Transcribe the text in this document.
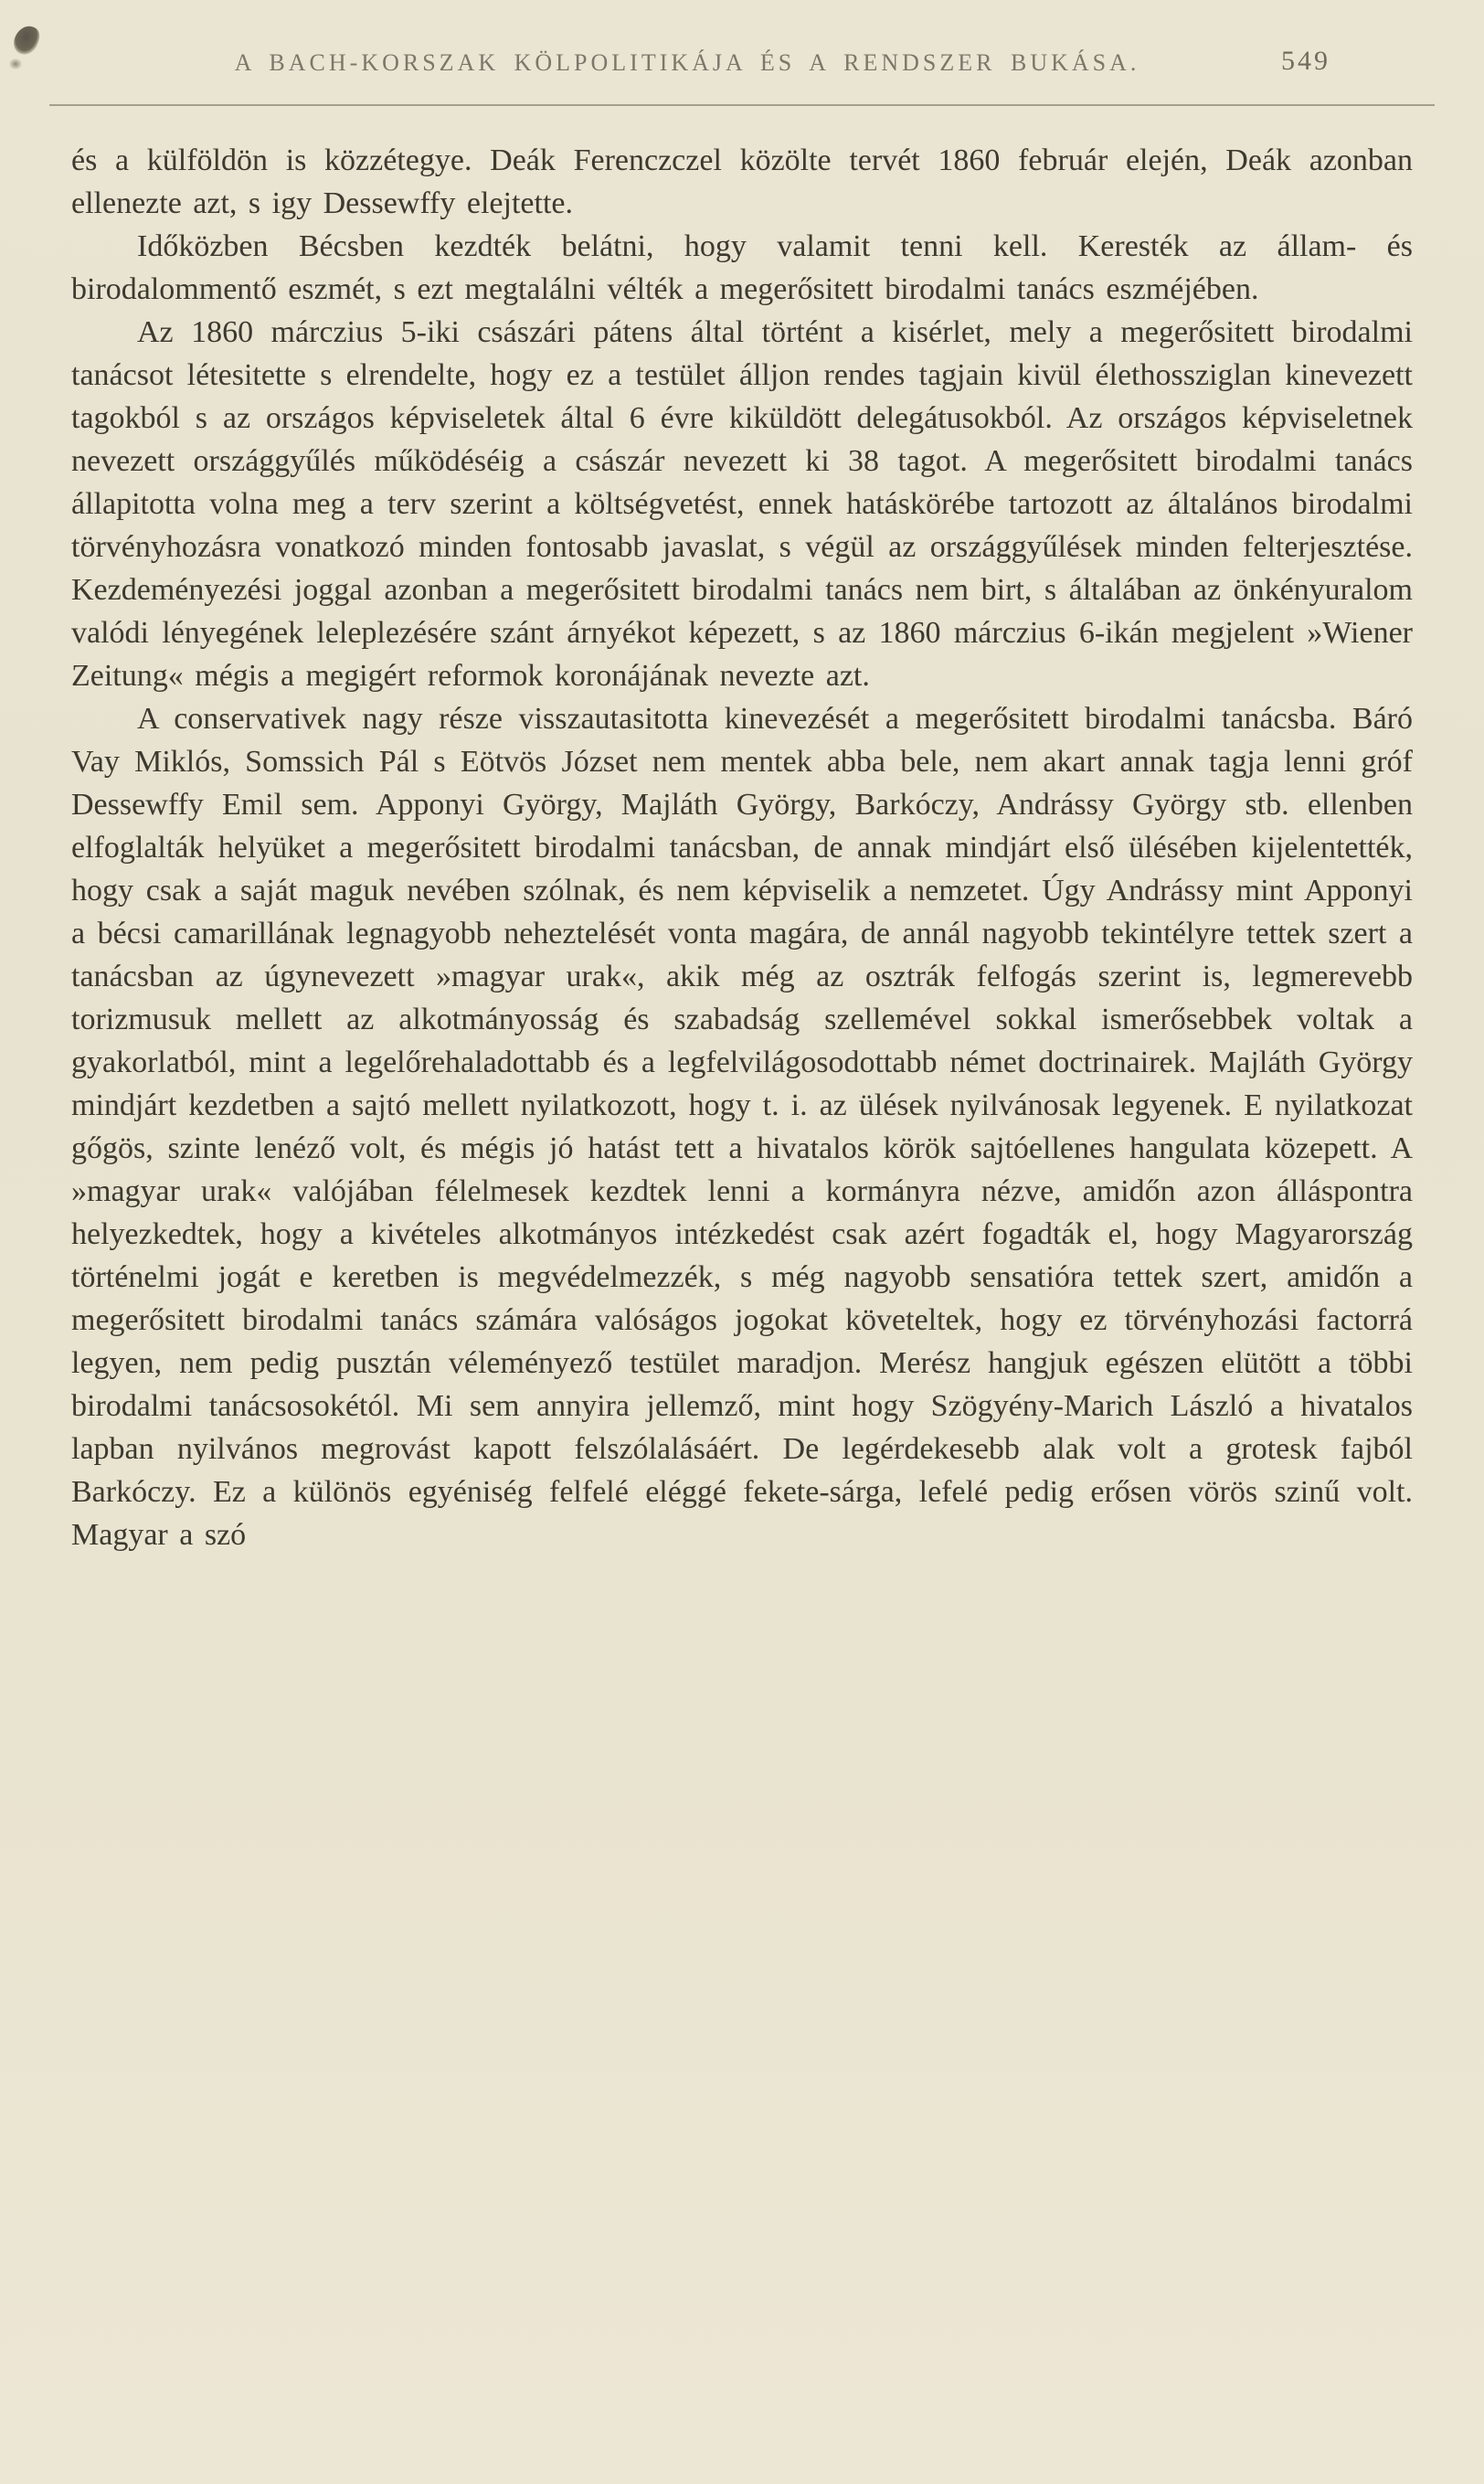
A BACH-KORSZAK KÖLPOLITIKÁJA ÉS A RENDSZER BUKÁSA.	549

és a külföldön is közzétegye. Deák Ferenczczel közölte tervét 1860 február elején, Deák azonban ellenezte azt, s igy Dessewffy elejtette.

Időközben Bécsben kezdték belátni, hogy valamit tenni kell. Keresték az állam- és birodalommentő eszmét, s ezt megtalálni vélték a megerősitett birodalmi tanács eszméjében.

Az 1860 márczius 5-iki császári pátens által történt a kisérlet, mely a megerősitett birodalmi tanácsot létesitette s elrendelte, hogy ez a testület álljon rendes tagjain kivül élethossziglan kinevezett tagokból s az országos képviseletek által 6 évre kiküldött delegátusokból. Az országos képviseletnek nevezett országgyűlés működéséig a császár nevezett ki 38 tagot. A megerősitett birodalmi tanács állapitotta volna meg a terv szerint a költségvetést, ennek hatáskörébe tartozott az általános birodalmi törvényhozásra vonatkozó minden fontosabb javaslat, s végül az országgyűlések minden felterjesztése. Kezdeményezési joggal azonban a megerősitett birodalmi tanács nem birt, s általában az önkényuralom valódi lényegének leleplezésére szánt árnyékot képezett, s az 1860 márczius 6-ikán megjelent »Wiener Zeitung« mégis a megigért reformok koronájának nevezte azt.

A conservativek nagy része visszautasitotta kinevezését a megerősitett birodalmi tanácsba. Báró Vay Miklós, Somssich Pál s Eötvös Józset nem mentek abba bele, nem akart annak tagja lenni gróf Dessewffy Emil sem. Apponyi György, Majláth György, Barkóczy, Andrássy György stb. ellenben elfoglalták helyüket a megerősitett birodalmi tanácsban, de annak mindjárt első ülésében kijelentették, hogy csak a saját maguk nevében szólnak, és nem képviselik a nemzetet. Úgy Andrássy mint Apponyi a bécsi camarillának legnagyobb neheztelését vonta magára, de annál nagyobb tekintélyre tettek szert a tanácsban az úgynevezett »magyar urak«, akik még az osztrák felfogás szerint is, legmerevebb torizmusuk mellett az alkotmányosság és szabadság szellemével sokkal ismerősebbek voltak a gyakorlatból, mint a legelőrehaladottabb és a legfelvilágosodottabb német doctrinairek. Majláth György mindjárt kezdetben a sajtó mellett nyilatkozott, hogy t. i. az ülések nyilvánosak legyenek. E nyilatkozat gőgös, szinte lenéző volt, és mégis jó hatást tett a hivatalos körök sajtóellenes hangulata közepett. A »magyar urak« valójában félelmesek kezdtek lenni a kormányra nézve, amidőn azon álláspontra helyezkedtek, hogy a kivételes alkotmányos intézkedést csak azért fogadták el, hogy Magyarország történelmi jogát e keretben is megvédelmezzék, s még nagyobb sensatióra tettek szert, amidőn a megerősitett birodalmi tanács számára valóságos jogokat követeltek, hogy ez törvényhozási factorrá legyen, nem pedig pusztán véleményező testület maradjon. Merész hangjuk egészen elütött a többi birodalmi tanácsosokétól. Mi sem annyira jellemző, mint hogy Szögyény-Marich László a hivatalos lapban nyilvános megrovást kapott felszólalásáért. De legérdekesebb alak volt a grotesk fajból Barkóczy. Ez a különös egyéniség felfelé eléggé fekete-sárga, lefelé pedig erősen vörös szinű volt. Magyar a szó
